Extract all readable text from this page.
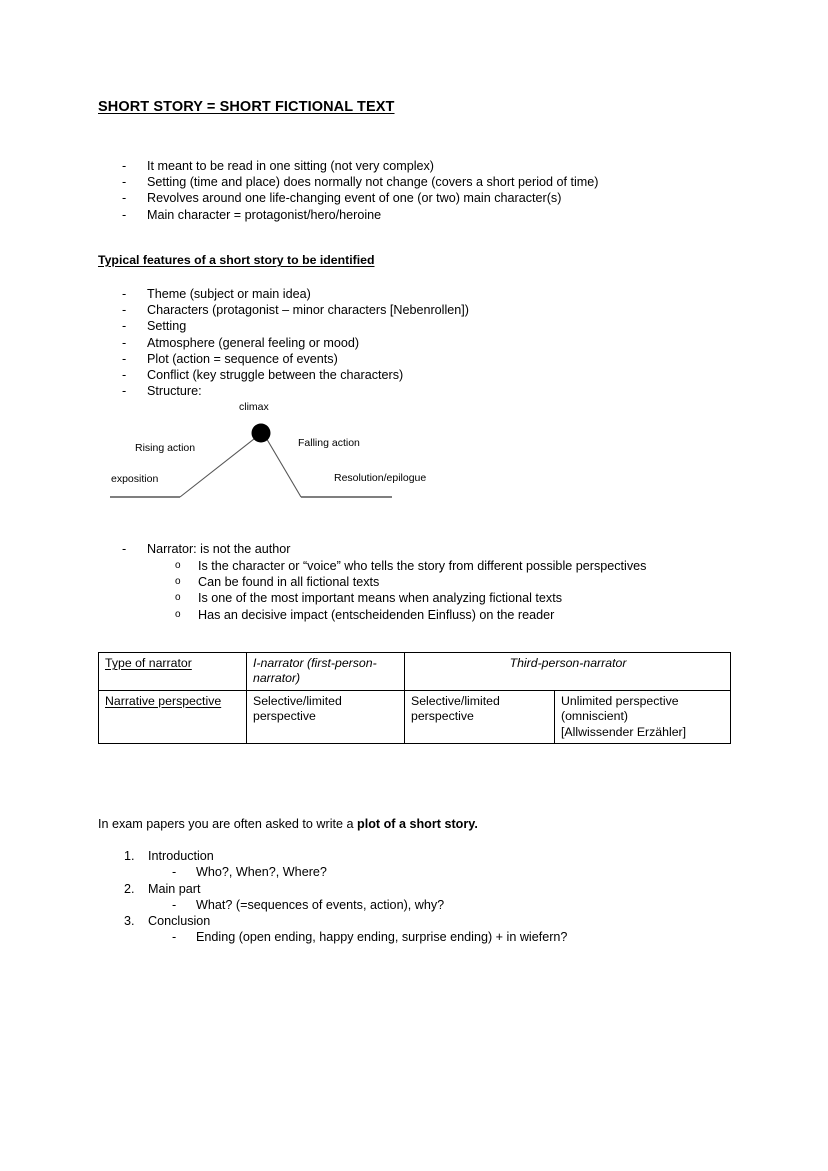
SHORT STORY = SHORT FICTIONAL TEXT
- It meant to be read in one sitting (not very complex)
- Setting (time and place) does normally not change (covers a short period of time)
- Revolves around one life-changing event of one (or two) main character(s)
- Main character = protagonist/hero/heroine
Typical features of a short story to be identified
- Theme (subject or main idea)
- Characters (protagonist – minor characters [Nebenrollen])
- Setting
- Atmosphere (general feeling or mood)
- Plot (action = sequence of events)
- Conflict (key struggle between the characters)
- Structure:
climax
Rising action	Falling action
exposition	Resolution/epilogue
- Narrator: is not the author
o Is the character or “voice” who tells the story from different possible perspectives
o Can be found in all fictional texts
o Is one of the most important means when analyzing fictional texts
o Has an decisive impact (entscheidenden Einfluss) on the reader
Type of narrator	I-narrator (first-person-narrator)	Third-person-narrator	
Narrative perspective	Selective/limited perspective	Selective/limited perspective	Unlimited perspective
(omniscient)
[Allwissender Erzähler]
In exam papers you are often asked to write a plot of a short story.
1. Introduction
- Who?, When?, Where?
2. Main part
- What? (=sequences of events, action), why?
3. Conclusion
- Ending (open ending, happy ending, surprise ending) + in wiefern?
